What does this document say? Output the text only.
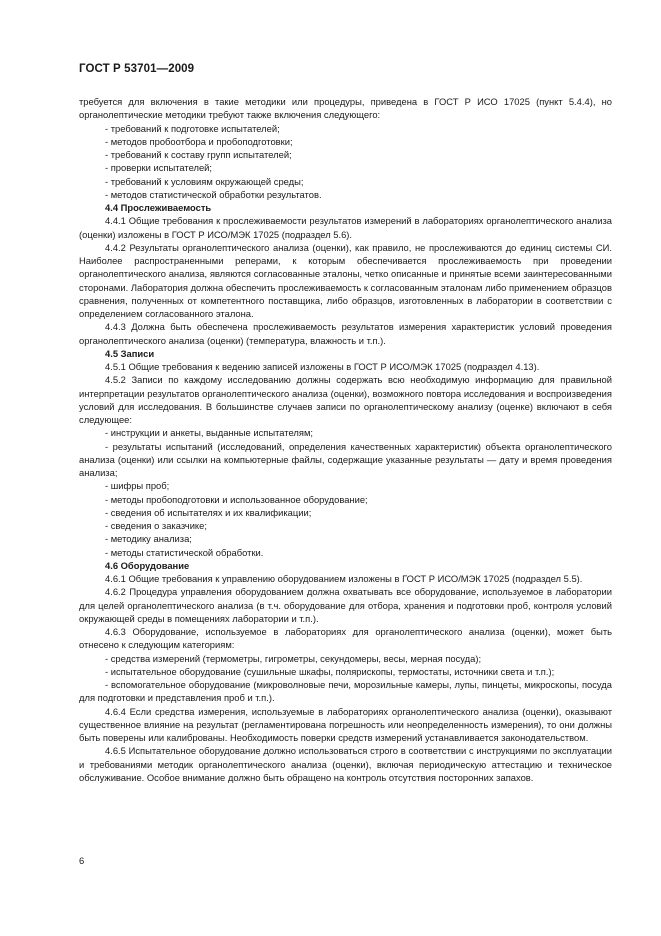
ГОСТ Р 53701—2009

требуется для включения в такие методики или процедуры, приведена в ГОСТ Р ИСО 17025 (пункт 5.4.4), но органолептические методики требуют также включения следующего:

- требований к подготовке испытателей;

- методов пробоотбора и пробоподготовки;

- требований к составу групп испытателей;

- проверки испытателей;

- требований к условиям окружающей среды;

- методов статистической обработки результатов.

4.4 Прослеживаемость

4.4.1 Общие требования к прослеживаемости результатов измерений в лабораториях органолептического анализа (оценки) изложены в ГОСТ Р ИСО/МЭК 17025 (подраздел 5.6).

4.4.2 Результаты органолептического анализа (оценки), как правило, не прослеживаются до единиц системы СИ. Наиболее распространенными реперами, к которым обеспечивается прослеживаемость при проведении органолептического анализа, являются согласованные эталоны, четко описанные и принятые всеми заинтересованными сторонами. Лаборатория должна обеспечить прослеживаемость к согласованным эталонам либо применением образцов сравнения, полученных от компетентного поставщика, либо образцов, изготовленных в лаборатории в соответствии с определением согласованного эталона.

4.4.3 Должна быть обеспечена прослеживаемость результатов измерения характеристик условий проведения органолептического анализа (оценки) (температура, влажность и т.п.).

4.5 Записи

4.5.1 Общие требования к ведению записей изложены в ГОСТ Р ИСО/МЭК 17025 (подраздел 4.13).

4.5.2 Записи по каждому исследованию должны содержать всю необходимую информацию для правильной интерпретации результатов органолептического анализа (оценки), возможного повтора исследования и воспроизведения условий для исследования. В большинстве случаев записи по органолептическому анализу (оценке) включают в себя следующее:

- инструкции и анкеты, выданные испытателям;

- результаты испытаний (исследований, определения качественных характеристик) объекта органолептического анализа (оценки) или ссылки на компьютерные файлы, содержащие указанные результаты — дату и время проведения анализа;

- шифры проб;

- методы пробоподготовки и использованное оборудование;

- сведения об испытателях и их квалификации;

- сведения о заказчике;

- методику анализа;

- методы статистической обработки.

4.6 Оборудование

4.6.1 Общие требования к управлению оборудованием изложены в ГОСТ Р ИСО/МЭК 17025 (подраздел 5.5).

4.6.2 Процедура управления оборудованием должна охватывать все оборудование, используемое в лаборатории для целей органолептического анализа (в т.ч. оборудование для отбора, хранения и подготовки проб, контроля условий окружающей среды в помещениях лаборатории и т.п.).

4.6.3 Оборудование, используемое в лабораториях для органолептического анализа (оценки), может быть отнесено к следующим категориям:

- средства измерений (термометры, гигрометры, секундомеры, весы, мерная посуда);

- испытательное оборудование (сушильные шкафы, полярископы, термостаты, источники света и т.п.);

- вспомогательное оборудование (микроволновые печи, морозильные камеры, лупы, пинцеты, микроскопы, посуда для подготовки и представления проб и т.п.).

4.6.4 Если средства измерения, используемые в лабораториях органолептического анализа (оценки), оказывают существенное влияние на результат (регламентирована погрешность или неопределенность измерения), то они должны быть поверены или калиброваны. Необходимость поверки средств измерений устанавливается законодательством.

4.6.5 Испытательное оборудование должно использоваться строго в соответствии с инструкциями по эксплуатации и требованиями методик органолептического анализа (оценки), включая периодическую аттестацию и техническое обслуживание. Особое внимание должно быть обращено на контроль отсутствия посторонних запахов.

6
